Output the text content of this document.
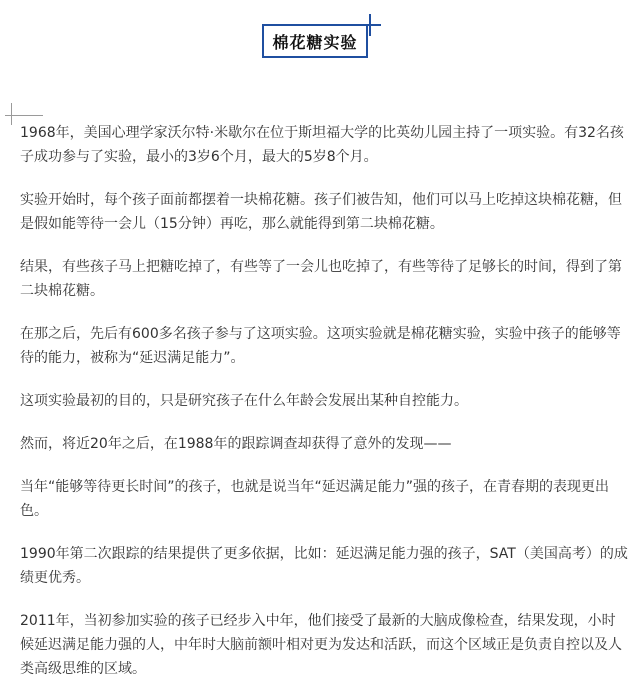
棉花糖实验

1968年，美国心理学家沃尔特·米歇尔在位于斯坦福大学的比英幼儿园主持了一项实验。有32名孩子成功参与了实验，最小的3岁6个月，最大的5岁8个月。

实验开始时，每个孩子面前都摆着一块棉花糖。孩子们被告知，他们可以马上吃掉这块棉花糖，但是假如能等待一会儿（15分钟）再吃，那么就能得到第二块棉花糖。

结果，有些孩子马上把糖吃掉了，有些等了一会儿也吃掉了，有些等待了足够长的时间，得到了第二块棉花糖。

在那之后，先后有600多名孩子参与了这项实验。这项实验就是棉花糖实验，实验中孩子的能够等待的能力，被称为“延迟满足能力”。

这项实验最初的目的，只是研究孩子在什么年龄会发展出某种自控能力。

然而，将近20年之后，在1988年的跟踪调查却获得了意外的发现——

当年“能够等待更长时间”的孩子，也就是说当年“延迟满足能力”强的孩子，在青春期的表现更出色。

1990年第二次跟踪的结果提供了更多依据，比如：延迟满足能力强的孩子，SAT（美国高考）的成绩更优秀。

2011年，当初参加实验的孩子已经步入中年，他们接受了最新的大脑成像检查，结果发现，小时候延迟满足能力强的人，中年时大脑前额叶相对更为发达和活跃，而这个区域正是负责自控以及人类高级思维的区域。
